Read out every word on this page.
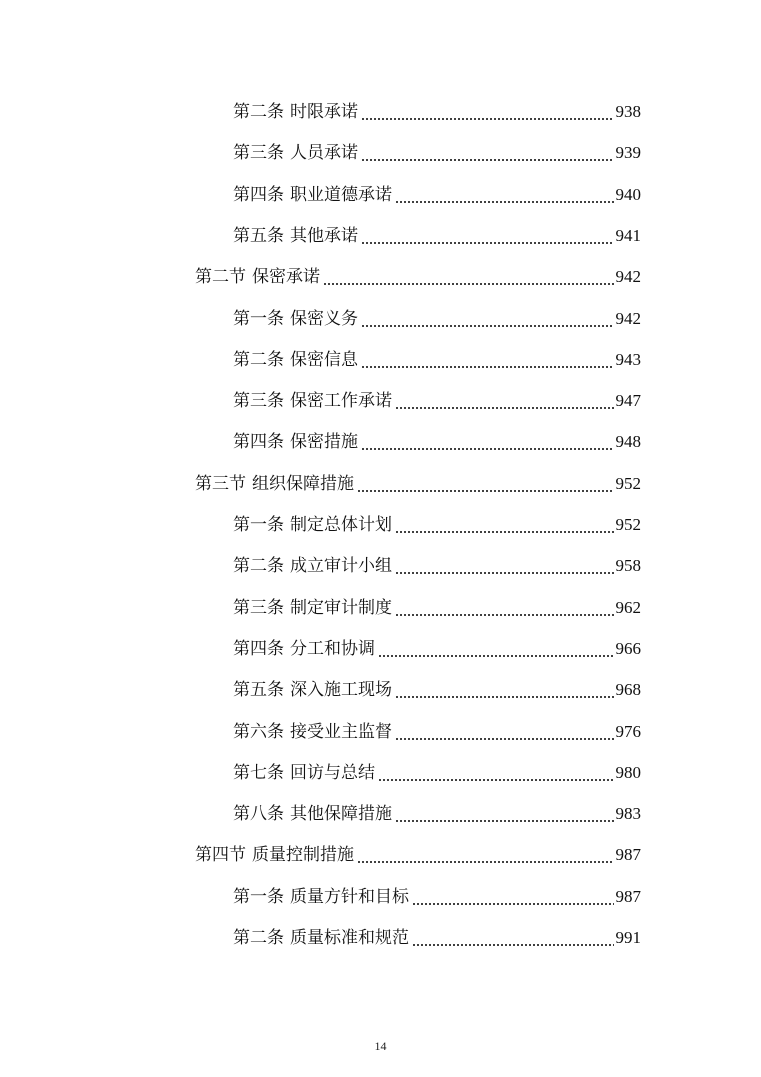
第二条 时限承诺	938
第三条 人员承诺	939
第四条 职业道德承诺	940
第五条 其他承诺	941
第二节 保密承诺	942
第一条 保密义务	942
第二条 保密信息	943
第三条 保密工作承诺	947
第四条 保密措施	948
第三节 组织保障措施	952
第一条 制定总体计划	952
第二条 成立审计小组	958
第三条 制定审计制度	962
第四条 分工和协调	966
第五条 深入施工现场	968
第六条 接受业主监督	976
第七条 回访与总结	980
第八条 其他保障措施	983
第四节 质量控制措施	987
第一条 质量方针和目标	987
第二条 质量标准和规范	991
14
